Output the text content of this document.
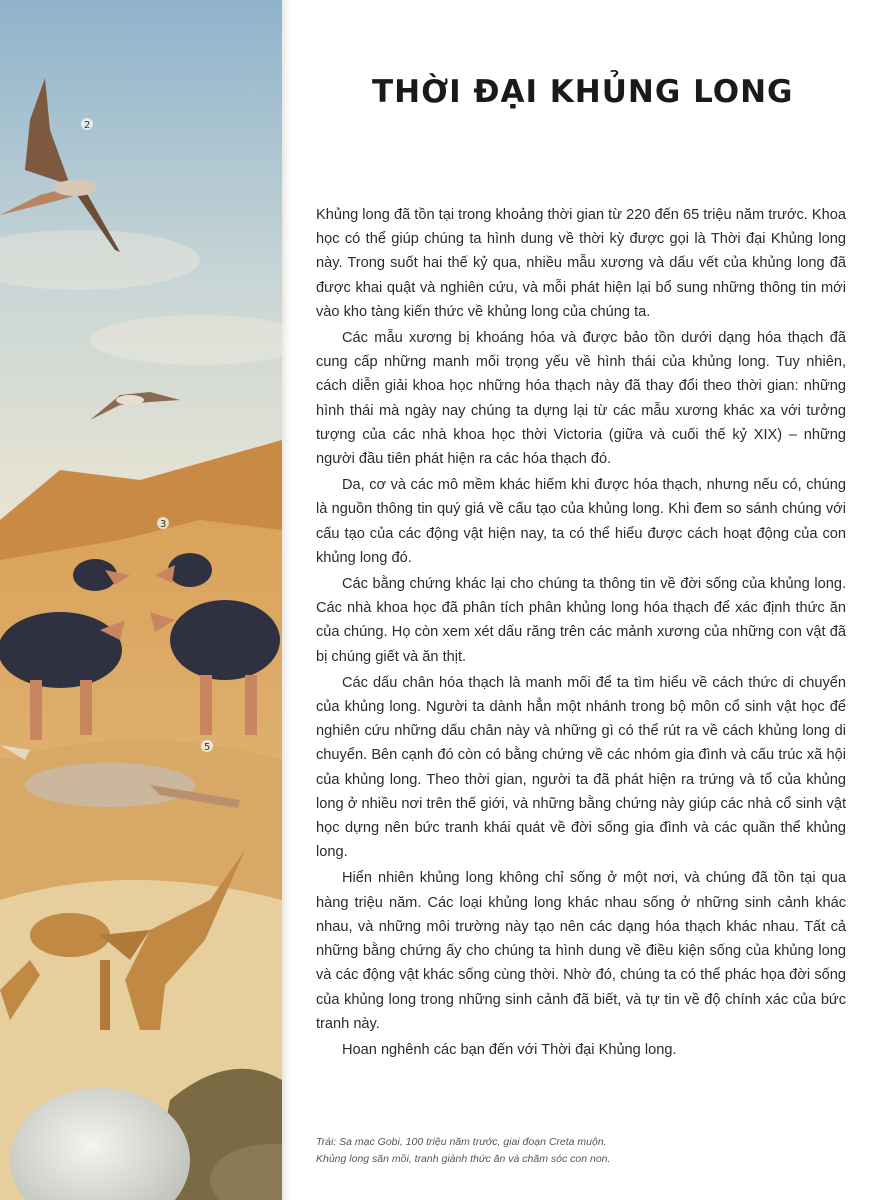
2
3
5
THỜI ĐẠI KHỦNG LONG

Khủng long đã tồn tại trong khoảng thời gian từ 220 đến 65 triệu năm trước. Khoa học có thể giúp chúng ta hình dung về thời kỳ được gọi là Thời đại Khủng long này. Trong suốt hai thế kỷ qua, nhiều mẫu xương và dấu vết của khủng long đã được khai quật và nghiên cứu, và mỗi phát hiện lại bổ sung những thông tin mới vào kho tàng kiến thức về khủng long của chúng ta.

Các mẫu xương bị khoáng hóa và được bảo tồn dưới dạng hóa thạch đã cung cấp những manh mối trọng yếu về hình thái của khủng long. Tuy nhiên, cách diễn giải khoa học những hóa thạch này đã thay đổi theo thời gian: những hình thái mà ngày nay chúng ta dựng lại từ các mẫu xương khác xa với tưởng tượng của các nhà khoa học thời Victoria (giữa và cuối thế kỷ XIX) – những người đầu tiên phát hiện ra các hóa thạch đó.

Da, cơ và các mô mềm khác hiếm khi được hóa thạch, nhưng nếu có, chúng là nguồn thông tin quý giá về cấu tạo của khủng long. Khi đem so sánh chúng với cấu tạo của các động vật hiện nay, ta có thể hiểu được cách hoạt động của con khủng long đó.

Các bằng chứng khác lại cho chúng ta thông tin về đời sống của khủng long. Các nhà khoa học đã phân tích phân khủng long hóa thạch để xác định thức ăn của chúng. Họ còn xem xét dấu răng trên các mảnh xương của những con vật đã bị chúng giết và ăn thịt.

Các dấu chân hóa thạch là manh mối để ta tìm hiểu về cách thức di chuyển của khủng long. Người ta dành hẳn một nhánh trong bộ môn cổ sinh vật học để nghiên cứu những dấu chân này và những gì có thể rút ra về cách khủng long di chuyển. Bên cạnh đó còn có bằng chứng về các nhóm gia đình và cấu trúc xã hội của khủng long. Theo thời gian, người ta đã phát hiện ra trứng và tổ của khủng long ở nhiều nơi trên thế giới, và những bằng chứng này giúp các nhà cổ sinh vật học dựng nên bức tranh khái quát về đời sống gia đình và các quần thể khủng long.

Hiển nhiên khủng long không chỉ sống ở một nơi, và chúng đã tồn tại qua hàng triệu năm. Các loại khủng long khác nhau sống ở những sinh cảnh khác nhau, và những môi trường này tạo nên các dạng hóa thạch khác nhau. Tất cả những bằng chứng ấy cho chúng ta hình dung về điều kiện sống của khủng long và các động vật khác sống cùng thời. Nhờ đó, chúng ta có thể phác họa đời sống của khủng long trong những sinh cảnh đã biết, và tự tin về độ chính xác của bức tranh này.

Hoan nghênh các bạn đến với Thời đại Khủng long.

Trái: Sa mạc Gobi, 100 triệu năm trước, giai đoạn Creta muộn.
Khủng long săn mồi, tranh giành thức ăn và chăm sóc con non.
